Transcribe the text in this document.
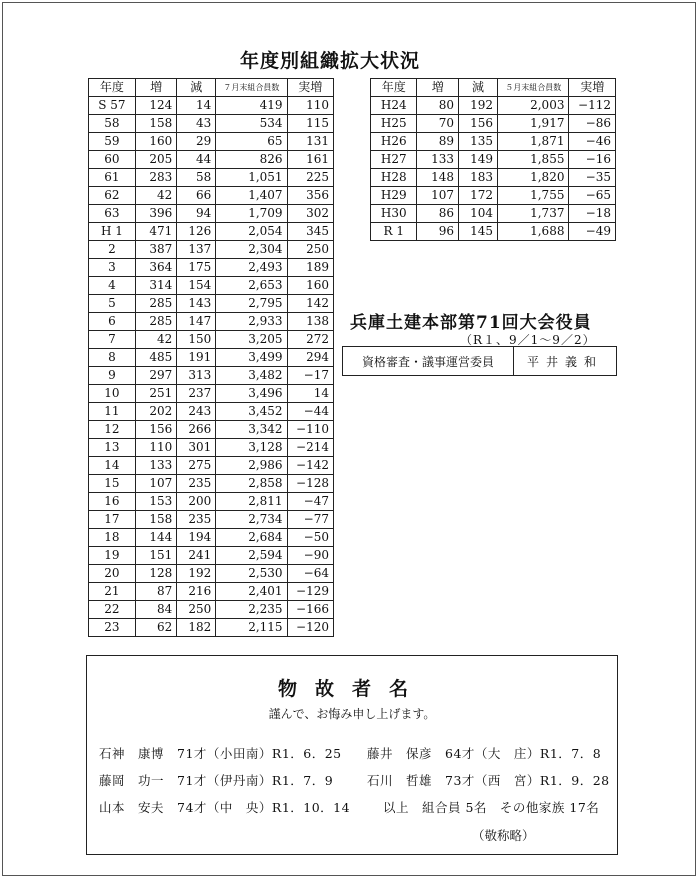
年度別組織拡大状況
年度	増	減	７月末組合員数	実増
S 57	124	14	419	110
58	158	43	534	115
59	160	29	65	131
60	205	44	826	161
61	283	58	1,051	225
62	42	66	1,407	356
63	396	94	1,709	302
H 1	471	126	2,054	345
2	387	137	2,304	250
3	364	175	2,493	189
4	314	154	2,653	160
5	285	143	2,795	142
6	285	147	2,933	138
7	42	150	3,205	272
8	485	191	3,499	294
9	297	313	3,482	−17
10	251	237	3,496	14
11	202	243	3,452	−44
12	156	266	3,342	−110
13	110	301	3,128	−214
14	133	275	2,986	−142
15	107	235	2,858	−128
16	153	200	2,811	−47
17	158	235	2,734	−77
18	144	194	2,684	−50
19	151	241	2,594	−90
20	128	192	2,530	−64
21	87	216	2,401	−129
22	84	250	2,235	−166
23	62	182	2,115	−120
年度	増	減	５月末組合員数	実増
H24	80	192	2,003	−112
H25	70	156	1,917	−86
H26	89	135	1,871	−46
H27	133	149	1,855	−16
H28	148	183	1,820	−35
H29	107	172	1,755	−65
H30	86	104	1,737	−18
R 1	96	145	1,688	−49
兵庫土建本部第71回大会役員
（R１、9／1〜9／2）
資格審査・議事運営委員	平井義和
物故者名
謹んで、お悔み申し上げます。
石神　康博　71才（小田南）R1．6．25 藤井　保彦　64才（大　庄）R1．7．8
藤岡　功一　71才（伊丹南）R1．7．9	石川　哲雄　73才（西　宮）R1．9．28
山本　安夫　74才（中　央）R1．10．14	以上　組合員 5名　その他家族 17名
（敬称略）
